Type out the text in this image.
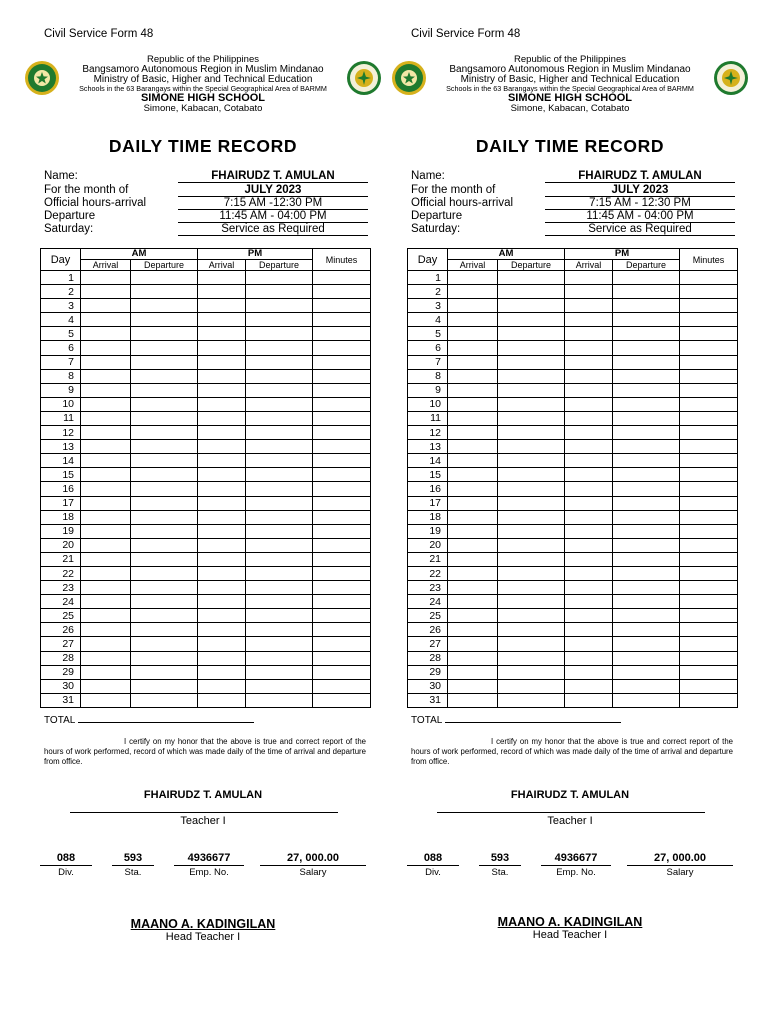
Civil Service Form 48
Republic of the Philippines
Bangsamoro Autonomous Region in Muslim Mindanao
Ministry of Basic, Higher and Technical Education
Schools in the 63 Barangays within the Special Geographical Area of BARMM
SIMONE HIGH SCHOOL
Simone, Kabacan, Cotabato
DAILY TIME RECORD
Name:	FHAIRUDZ T. AMULAN
For the month of	JULY 2023
Official hours-arrival	7:15 AM -12:30 PM
Departure	11:45 AM - 04:00 PM
Saturday:	Service as Required
Day	AM		PM		Minutes
	Arrival	Departure	Arrival	Departure	
1					
2					
3					
4					
5					
6					
7					
8					
9					
10					
11					
12					
13					
14					
15					
16					
17					
18					
19					
20					
21					
22					
23					
24					
25					
26					
27					
28					
29					
30					
31					
TOTAL
I certify on my honor that the above is true and correct report of the hours of work performed, record of which was made daily of the time of arrival and departure from office.
FHAIRUDZ T. AMULAN
Teacher I
088
Div.
593
Sta.
4936677
Emp. No.
27, 000.00
Salary
MAANO A. KADINGILAN
Head Teacher I
Civil Service Form 48
Republic of the Philippines
Bangsamoro Autonomous Region in Muslim Mindanao
Ministry of Basic, Higher and Technical Education
Schools in the 63 Barangays within the Special Geographical Area of BARMM
SIMONE HIGH SCHOOL
Simone, Kabacan, Cotabato
DAILY TIME RECORD
Name:	FHAIRUDZ T. AMULAN
For the month of	JULY 2023
Official hours-arrival	7:15 AM - 12:30 PM
Departure	11:45 AM - 04:00 PM
Saturday:	Service as Required
Day	AM		PM		Minutes
	Arrival	Departure	Arrival	Departure	
1					
2					
3					
4					
5					
6					
7					
8					
9					
10					
11					
12					
13					
14					
15					
16					
17					
18					
19					
20					
21					
22					
23					
24					
25					
26					
27					
28					
29					
30					
31					
TOTAL
I certify on my honor that the above is true and correct report of the hours of work performed, record of which was made daily of the time of arrival and departure from office.
FHAIRUDZ T. AMULAN
Teacher I
088
Div.
593
Sta.
4936677
Emp. No.
27, 000.00
Salary
MAANO A. KADINGILAN
Head Teacher I
